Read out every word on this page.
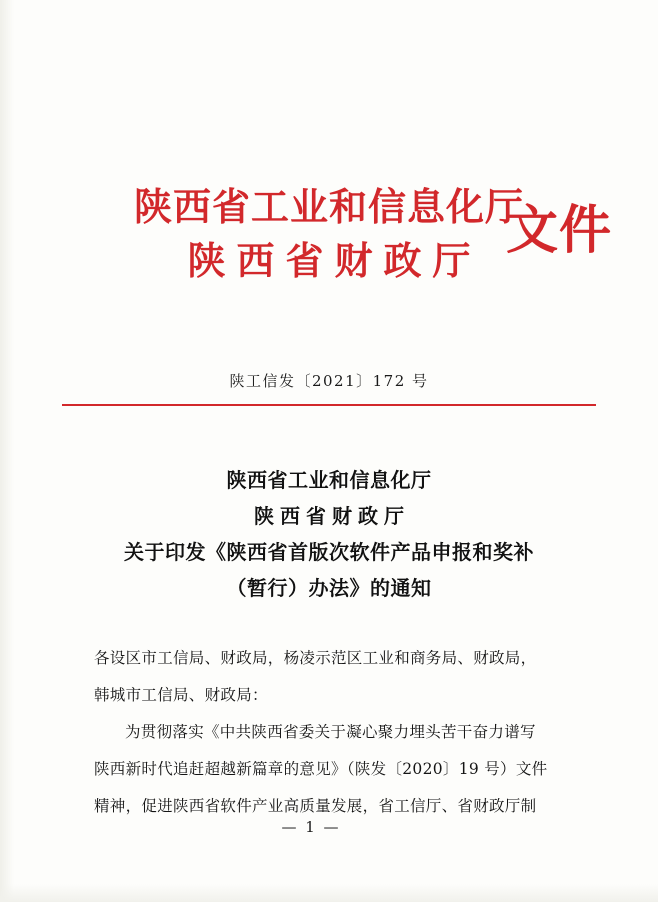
陕西省工业和信息化厅
陕西省财政厅 文件
陕工信发〔2021〕172 号
陕西省工业和信息化厅
陕西省财政厅
关于印发《陕西省首版次软件产品申报和奖补
（暂行）办法》的通知
各设区市工信局、财政局，杨凌示范区工业和商务局、财政局，
韩城市工信局、财政局：
为贯彻落实《中共陕西省委关于凝心聚力埋头苦干奋力谱写
陕西新时代追赶超越新篇章的意见》（陕发〔2020〕19 号）文件
精神，促进陕西省软件产业高质量发展，省工信厅、省财政厅制
— 1 —
